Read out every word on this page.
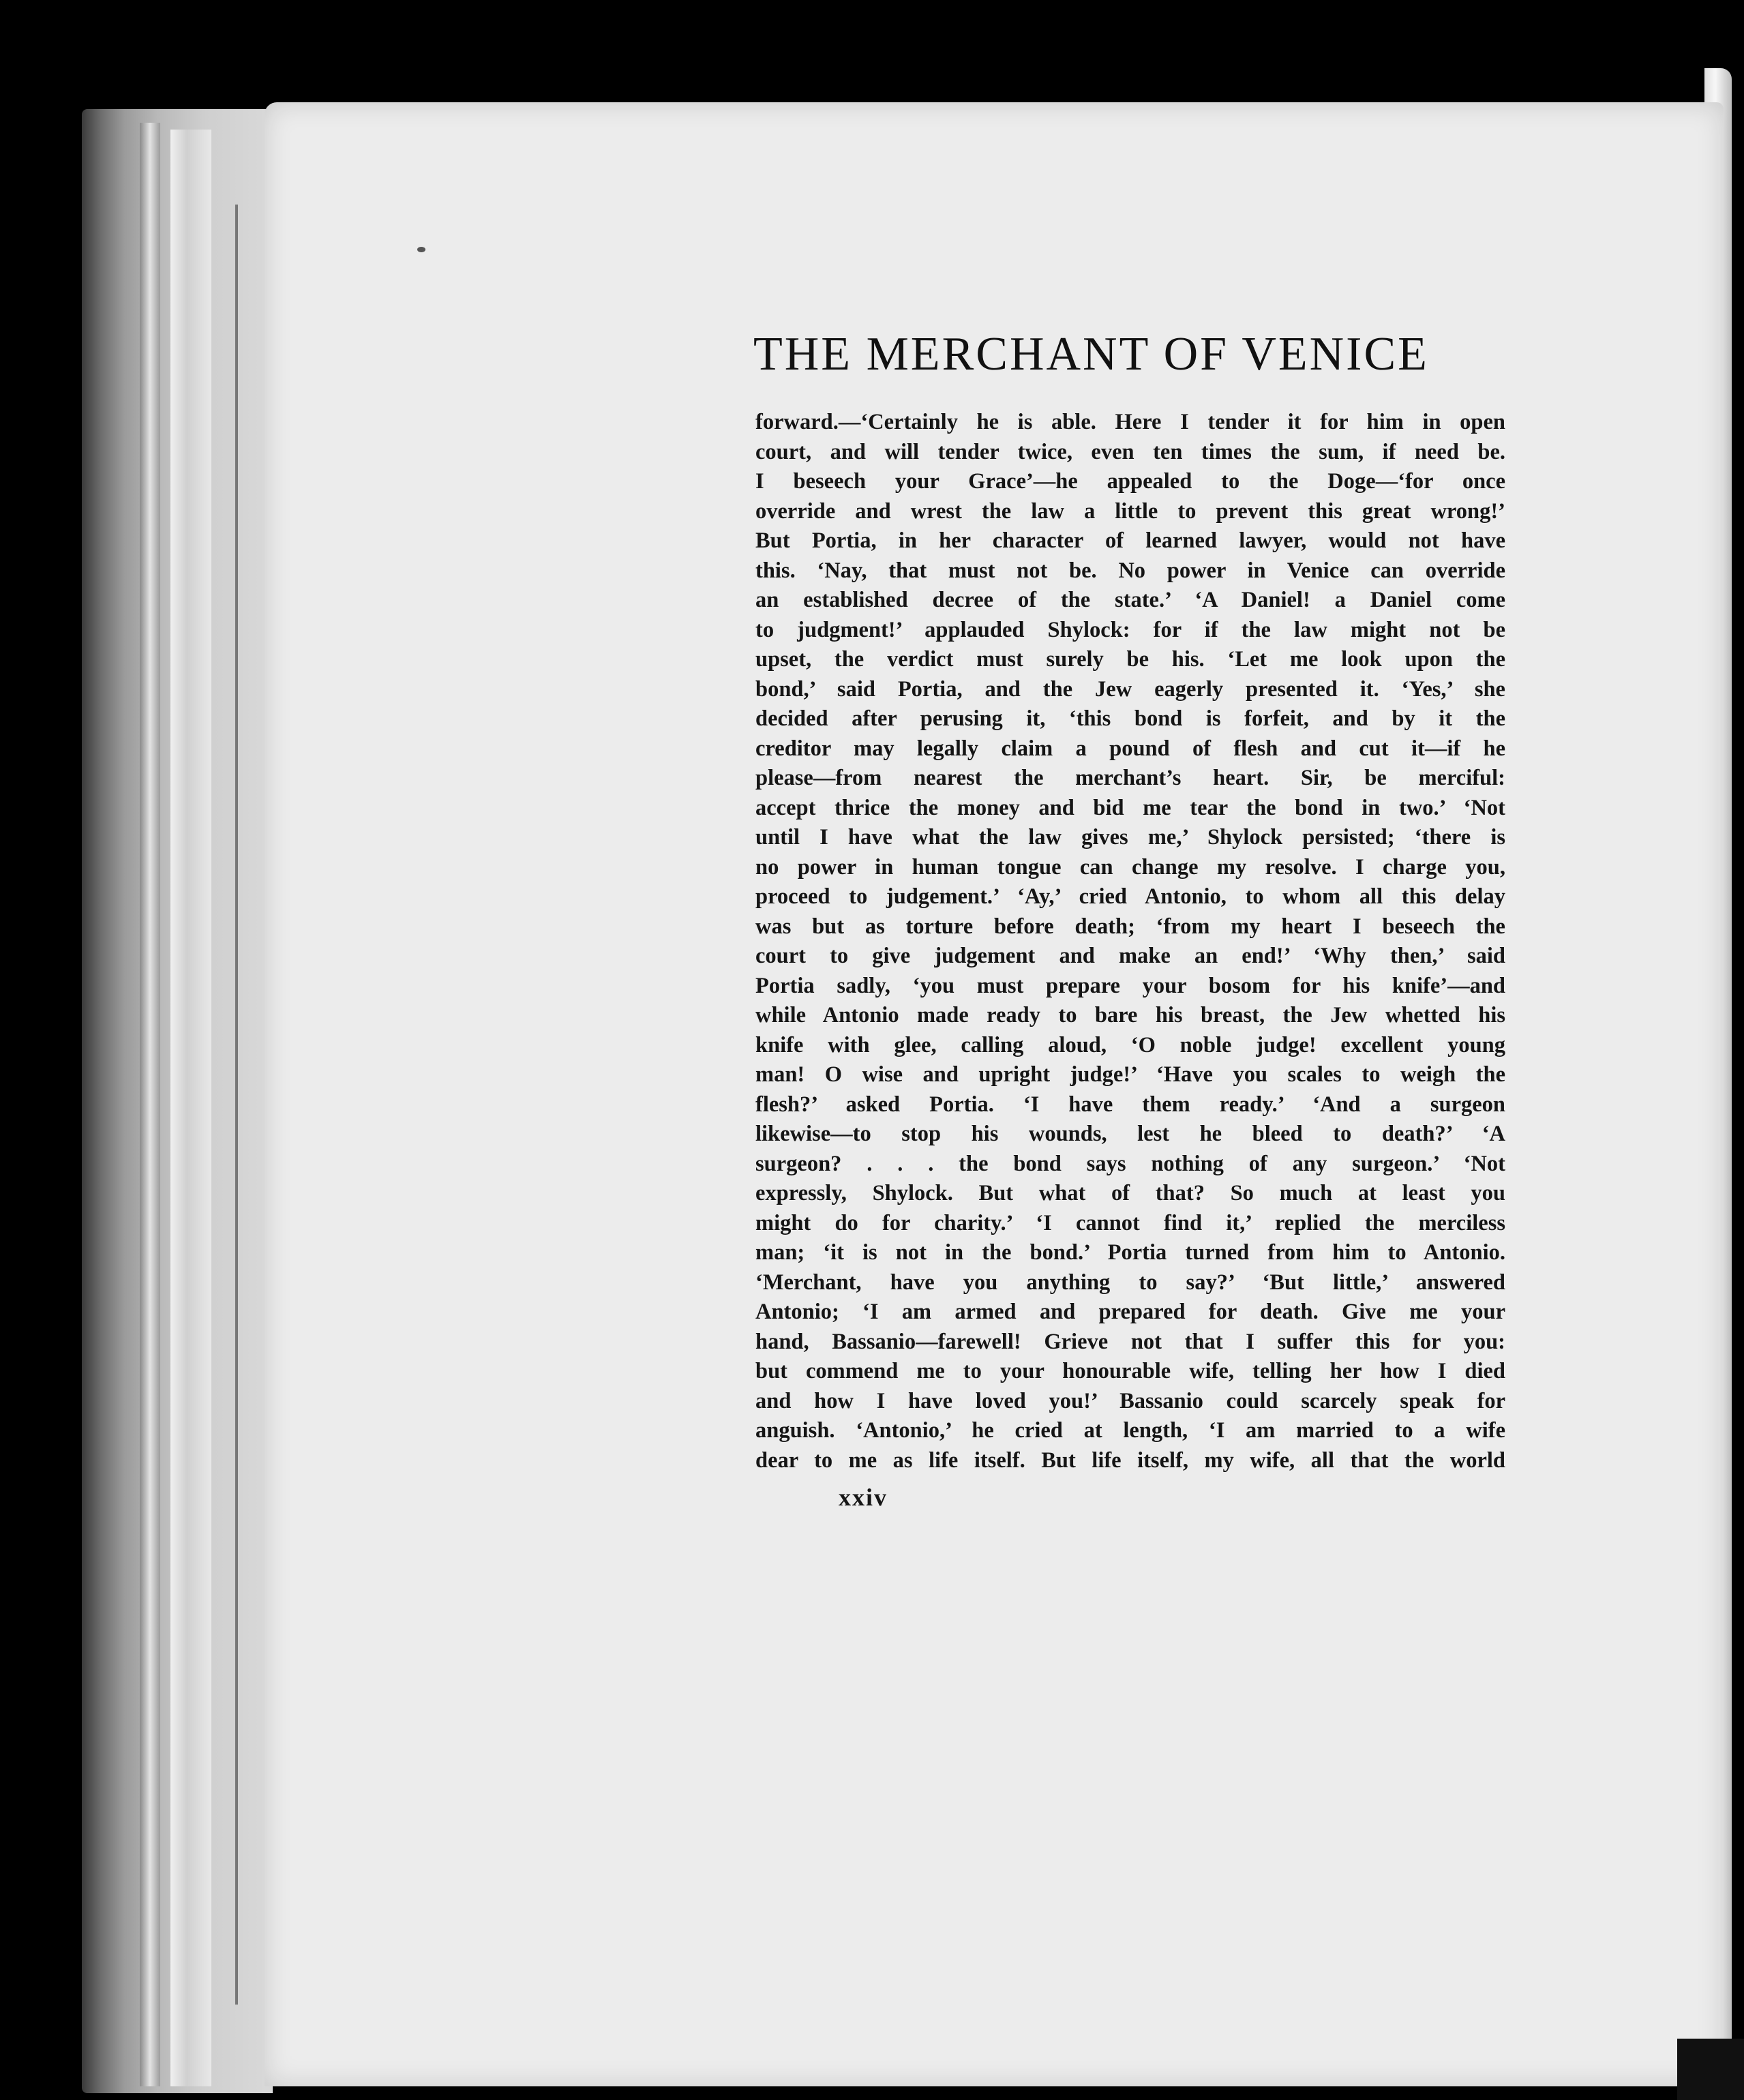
THE MERCHANT OF VENICE
forward.—‘Certainly he is able. Here I tender it for him in open
court, and will tender twice, even ten times the sum, if need be.
I beseech your Grace’—he appealed to the Doge—‘for once
override and wrest the law a little to prevent this great wrong!’
But Portia, in her character of learned lawyer, would not have
this. ‘Nay, that must not be. No power in Venice can override
an established decree of the state.’ ‘A Daniel! a Daniel come
to judgment!’ applauded Shylock: for if the law might not be
upset, the verdict must surely be his. ‘Let me look upon the
bond,’ said Portia, and the Jew eagerly presented it. ‘Yes,’ she
decided after perusing it, ‘this bond is forfeit, and by it the
creditor may legally claim a pound of flesh and cut it—if he
please—from nearest the merchant’s heart. Sir, be merciful:
accept thrice the money and bid me tear the bond in two.’ ‘Not
until I have what the law gives me,’ Shylock persisted; ‘there is
no power in human tongue can change my resolve. I charge you,
proceed to judgement.’ ‘Ay,’ cried Antonio, to whom all this delay
was but as torture before death; ‘from my heart I beseech the
court to give judgement and make an end!’ ‘Why then,’ said
Portia sadly, ‘you must prepare your bosom for his knife’—and
while Antonio made ready to bare his breast, the Jew whetted his
knife with glee, calling aloud, ‘O noble judge! excellent young
man! O wise and upright judge!’ ‘Have you scales to weigh the
flesh?’ asked Portia. ‘I have them ready.’ ‘And a surgeon
likewise—to stop his wounds, lest he bleed to death?’ ‘A
surgeon? . . . the bond says nothing of any surgeon.’ ‘Not
expressly, Shylock. But what of that? So much at least you
might do for charity.’ ‘I cannot find it,’ replied the merciless
man; ‘it is not in the bond.’ Portia turned from him to Antonio.
‘Merchant, have you anything to say?’ ‘But little,’ answered
Antonio; ‘I am armed and prepared for death. Give me your
hand, Bassanio—farewell! Grieve not that I suffer this for you:
but commend me to your honourable wife, telling her how I died
and how I have loved you!’ Bassanio could scarcely speak for
anguish. ‘Antonio,’ he cried at length, ‘I am married to a wife
dear to me as life itself. But life itself, my wife, all that the world
xxiv
